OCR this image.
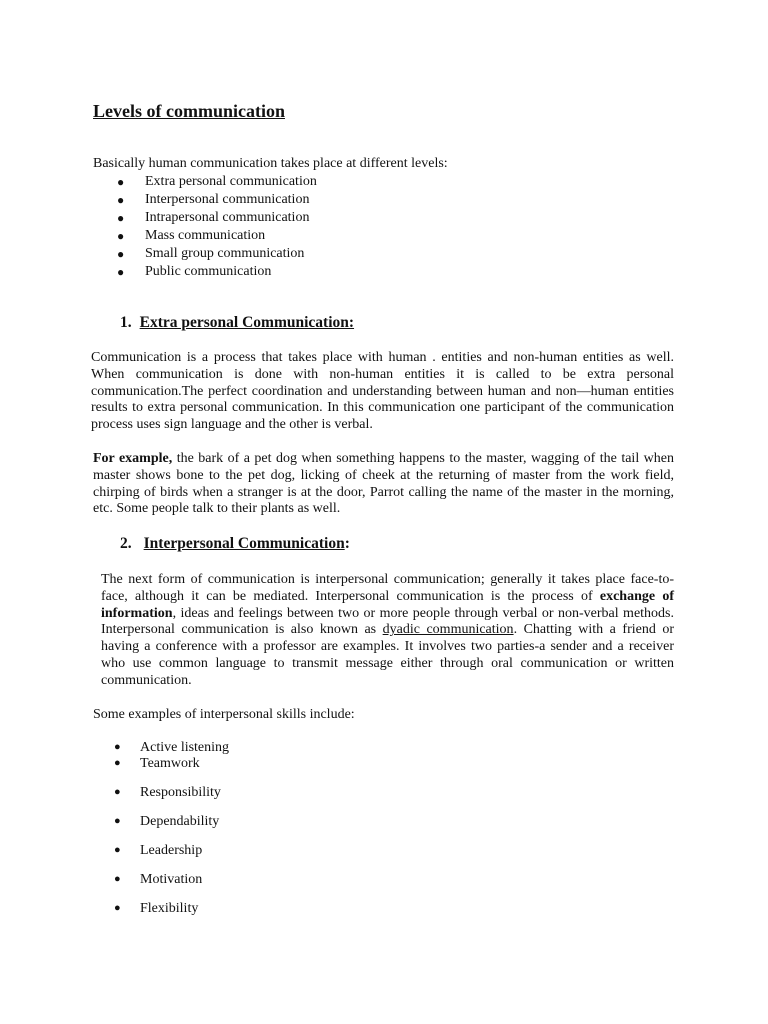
Levels of communication
Basically human communication takes place at different levels:
● Extra personal communication
● Interpersonal communication
● Intrapersonal communication
● Mass communication
● Small group communication
● Public communication
1. Extra personal Communication:
Communication is a process that takes place with human . entities and non-human entities as well. When communication is done with non-human entities it is called to be extra personal communication.The perfect coordination and understanding between human and non—human entities results to extra personal communication. In this communication one participant of the communication process uses sign language and the other is verbal.
For example, the bark of a pet dog when something happens to the master, wagging of the tail when master shows bone to the pet dog, licking of cheek at the returning of master from the work field, chirping of birds when a stranger is at the door, Parrot calling the name of the master in the morning, etc. Some people talk to their plants as well.
2. Interpersonal Communication:
The next form of communication is interpersonal communication; generally it takes place face-to-face, although it can be mediated. Interpersonal communication is the process of exchange of information, ideas and feelings between two or more people through verbal or non-verbal methods. Interpersonal communication is also known as dyadic communication. Chatting with a friend or having a conference with a professor are examples. It involves two parties-a sender and a receiver who use common language to transmit message either through oral communication or written communication.
Some examples of interpersonal skills include:
● Active listening
● Teamwork
● Responsibility
● Dependability
● Leadership
● Motivation
● Flexibility
